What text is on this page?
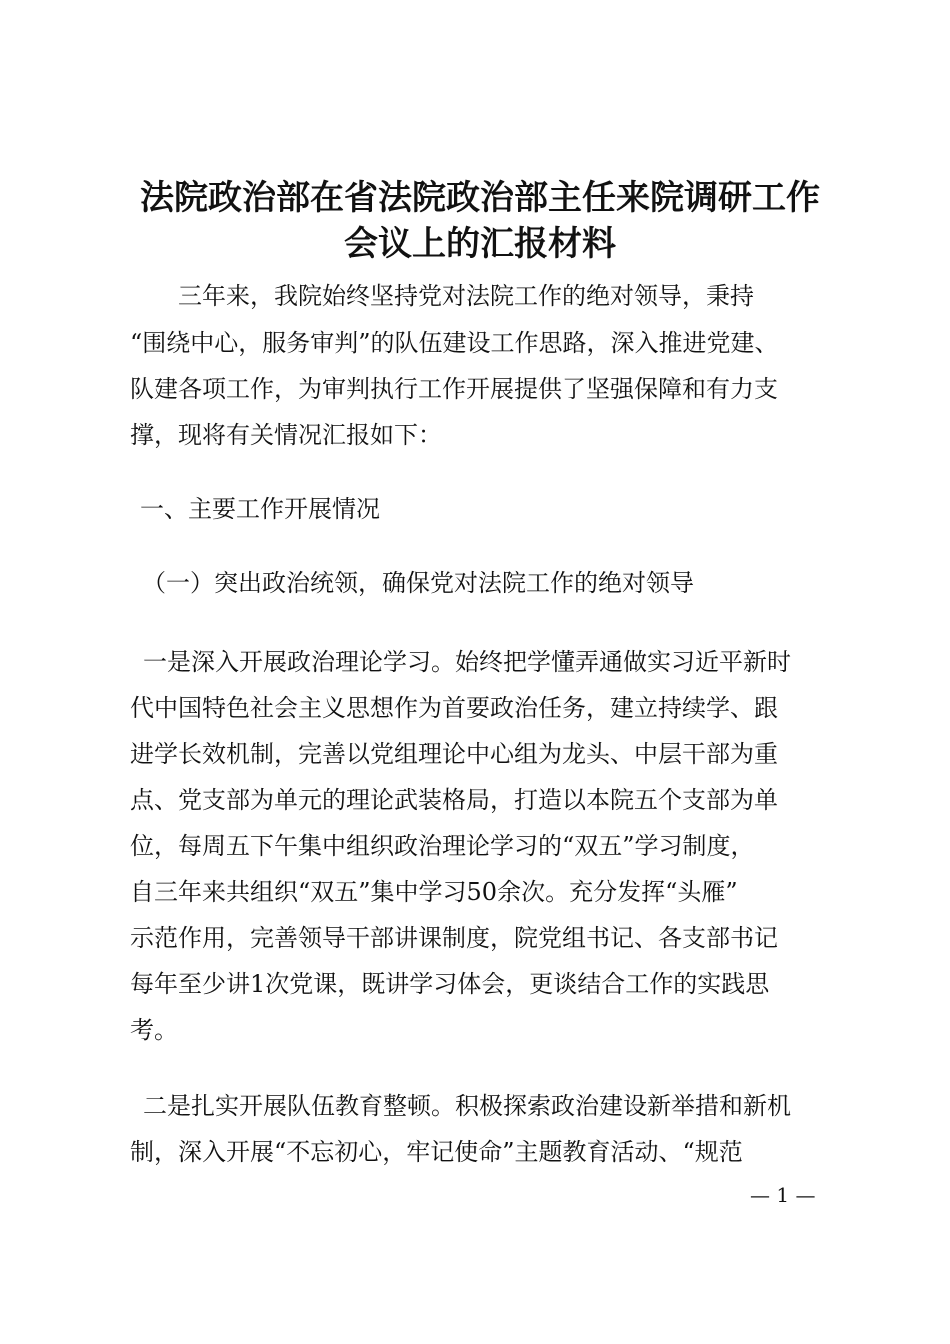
法院政治部在省法院政治部主任来院调研工作
会议上的汇报材料
三年来，我院始终坚持党对法院工作的绝对领导，秉持
“围绕中心，服务审判”的队伍建设工作思路，深入推进党建、
队建各项工作，为审判执行工作开展提供了坚强保障和有力支
撑，现将有关情况汇报如下：
一、主要工作开展情况
（一）突出政治统领，确保党对法院工作的绝对领导
一是深入开展政治理论学习。始终把学懂弄通做实习近平新时
代中国特色社会主义思想作为首要政治任务，建立持续学、跟
进学长效机制，完善以党组理论中心组为龙头、中层干部为重
点、党支部为单元的理论武装格局，打造以本院五个支部为单
位，每周五下午集中组织政治理论学习的“双五”学习制度，
自三年来共组织“双五”集中学习50余次。充分发挥“头雁”
示范作用，完善领导干部讲课制度，院党组书记、各支部书记
每年至少讲1次党课，既讲学习体会，更谈结合工作的实践思
考。
二是扎实开展队伍教育整顿。积极探索政治建设新举措和新机
制，深入开展“不忘初心，牢记使命”主题教育活动、“规范
— 1 —
